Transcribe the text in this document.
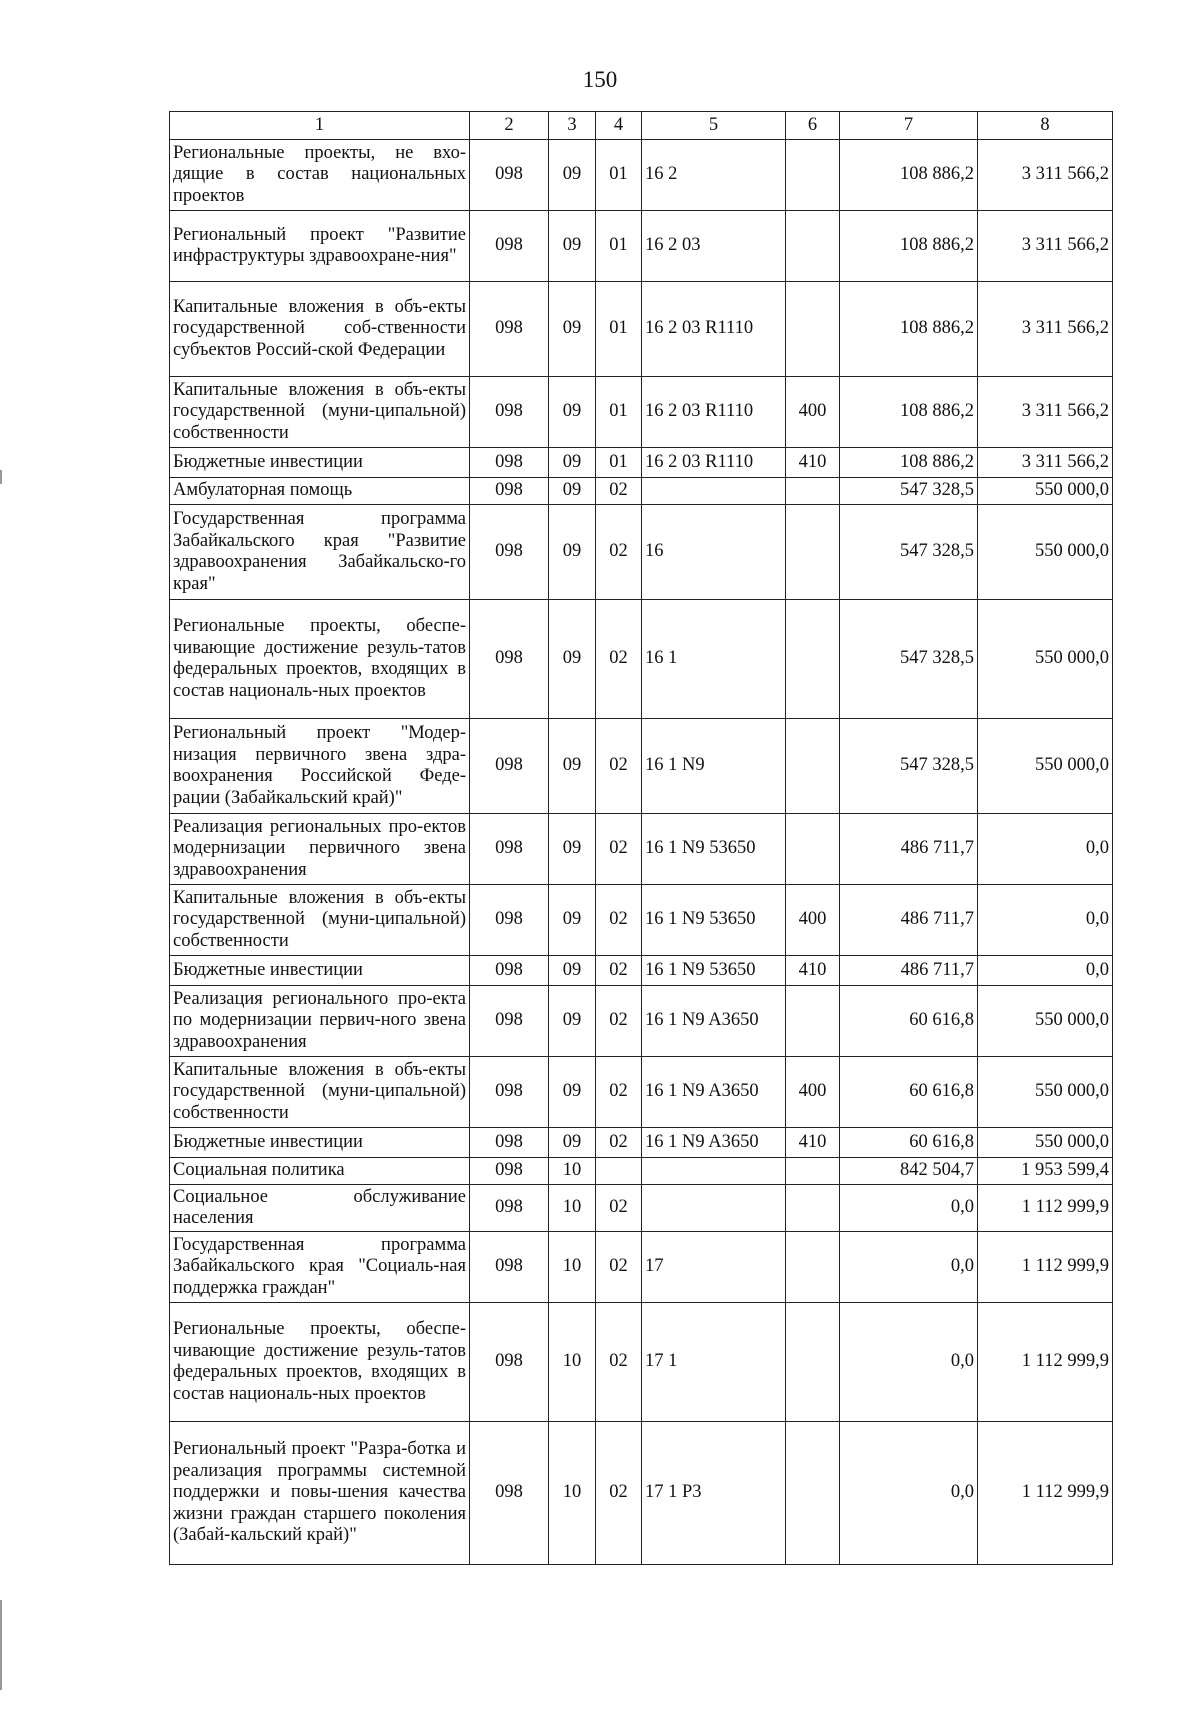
150
1	2	3	4	5	6	7	8
Региональные проекты, не вхо-дящие в состав национальных проектов	098	09	01	16 2		108 886,2	3 311 566,2
Региональный проект "Развитие инфраструктуры здравоохране-ния"	098	09	01	16 2 03		108 886,2	3 311 566,2
Капитальные вложения в объ-екты государственной соб-ственности субъектов Россий-ской Федерации	098	09	01	16 2 03 R1110		108 886,2	3 311 566,2
Капитальные вложения в объ-екты государственной (муни-ципальной) собственности	098	09	01	16 2 03 R1110	400	108 886,2	3 311 566,2
Бюджетные инвестиции	098	09	01	16 2 03 R1110	410	108 886,2	3 311 566,2
Амбулаторная помощь	098	09	02			547 328,5	550 000,0
Государственная программа Забайкальского края "Развитие здравоохранения Забайкальско-го края"	098	09	02	16		547 328,5	550 000,0
Региональные проекты, обеспе-чивающие достижение резуль-татов федеральных проектов, входящих в состав националь-ных проектов	098	09	02	16 1		547 328,5	550 000,0
Региональный проект "Модер-низация первичного звена здра-воохранения Российской Феде-рации (Забайкальский край)"	098	09	02	16 1 N9		547 328,5	550 000,0
Реализация региональных про-ектов модернизации первичного звена здравоохранения	098	09	02	16 1 N9 53650		486 711,7	0,0
Капитальные вложения в объ-екты государственной (муни-ципальной) собственности	098	09	02	16 1 N9 53650	400	486 711,7	0,0
Бюджетные инвестиции	098	09	02	16 1 N9 53650	410	486 711,7	0,0
Реализация регионального про-екта по модернизации первич-ного звена здравоохранения	098	09	02	16 1 N9 A3650		60 616,8	550 000,0
Капитальные вложения в объ-екты государственной (муни-ципальной) собственности	098	09	02	16 1 N9 A3650	400	60 616,8	550 000,0
Бюджетные инвестиции	098	09	02	16 1 N9 A3650	410	60 616,8	550 000,0
Социальная политика	098	10				842 504,7	1 953 599,4
Социальное обслуживание населения	098	10	02			0,0	1 112 999,9
Государственная программа Забайкальского края "Социаль-ная поддержка граждан"	098	10	02	17		0,0	1 112 999,9
Региональные проекты, обеспе-чивающие достижение резуль-татов федеральных проектов, входящих в состав националь-ных проектов	098	10	02	17 1		0,0	1 112 999,9
Региональный проект "Разра-ботка и реализация программы системной поддержки и повы-шения качества жизни граждан старшего поколения (Забай-кальский край)"	098	10	02	17 1 P3		0,0	1 112 999,9
